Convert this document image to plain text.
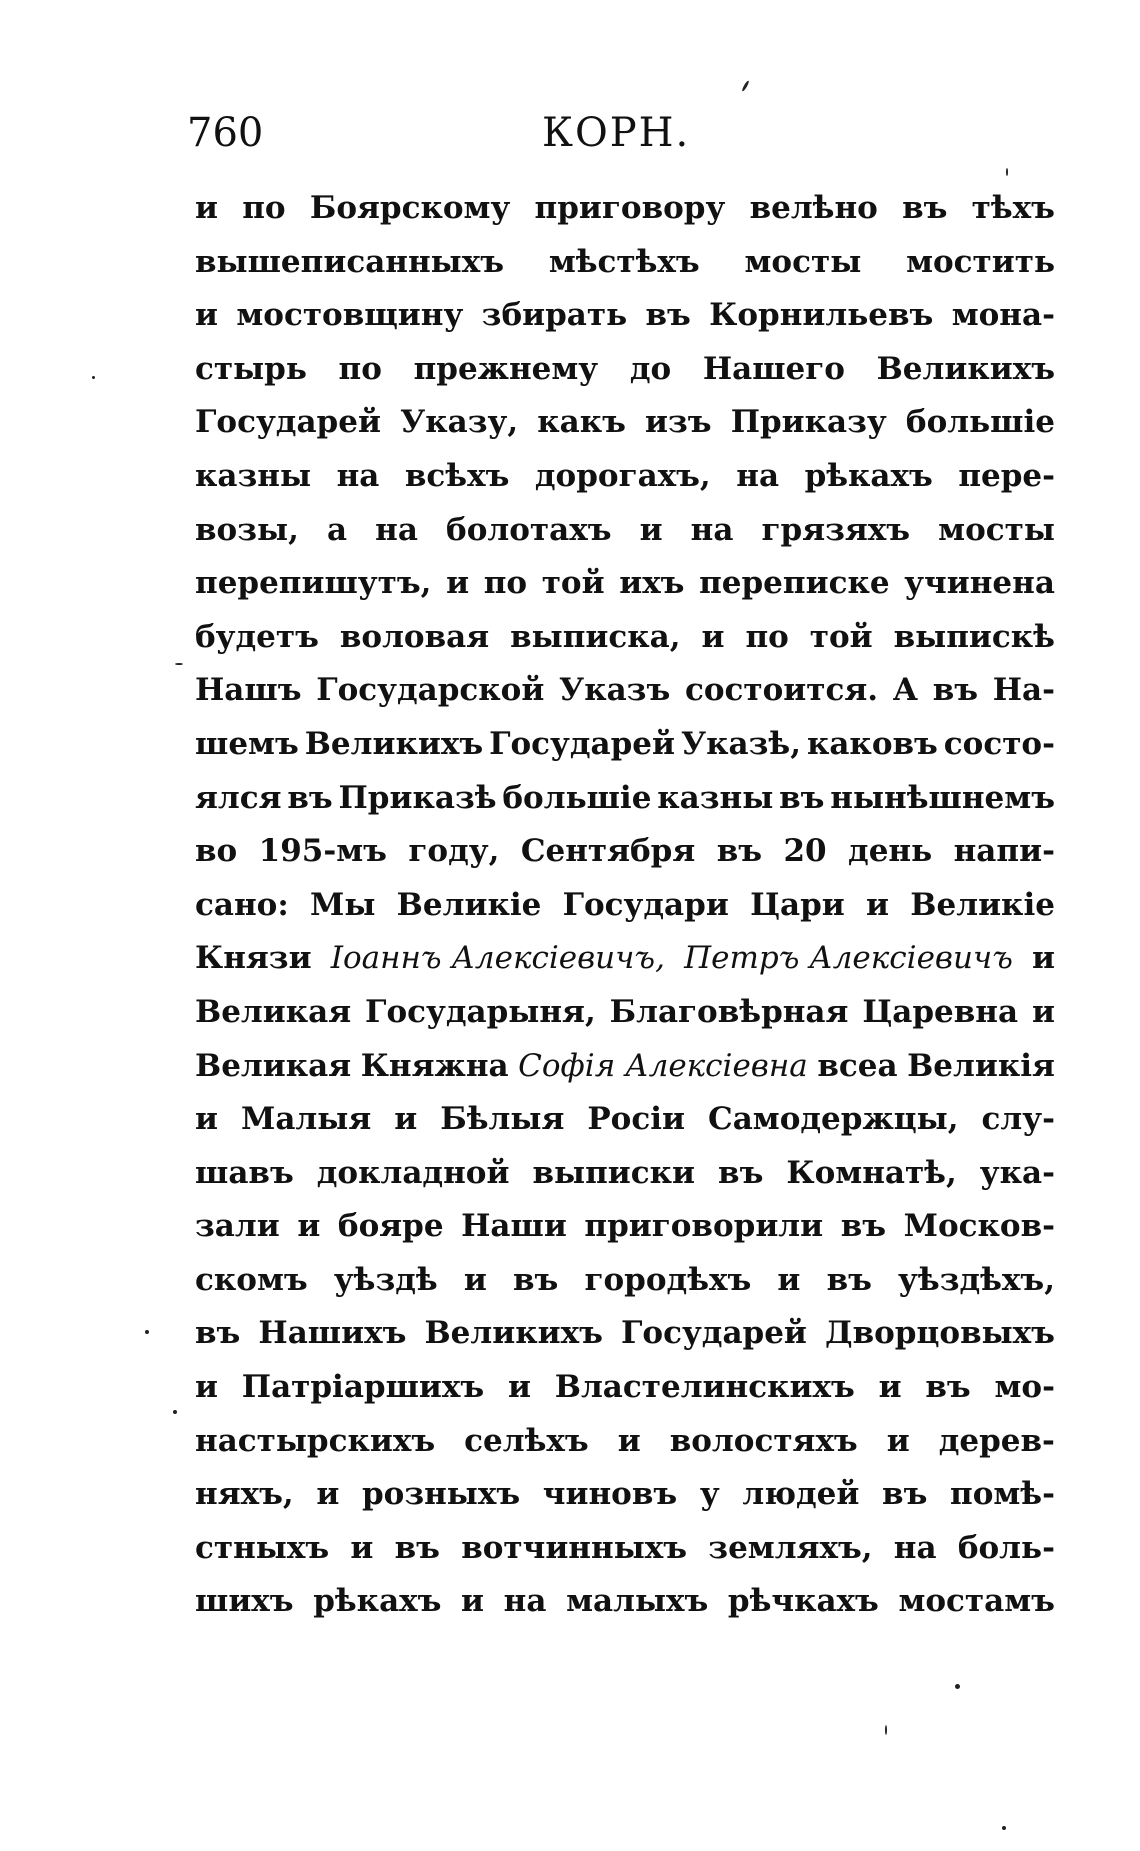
760	КОРН.
и по Боярскому приговору велѣно въ тѣхъ
вышеписанныхъ мѣстѣхъ мосты мостить
и мостовщину збирать въ Корнильевъ мона-
стырь по прежнему до Нашего Великихъ
Государей Указу, какъ изъ Приказу большіе
казны на всѣхъ дорогахъ, на рѣкахъ пере-
возы, а на болотахъ и на грязяхъ мосты
перепишутъ, и по той ихъ переписке учинена
будетъ воловая выписка, и по той выпискѣ
Нашъ Государской Указъ состоится. А въ На-
шемъ Великихъ Государей Указѣ, каковъ состо-
ялся въ Приказѣ большіе казны въ нынѣшнемъ
во 195-мъ году, Сентября въ 20 день напи-
сано: Мы Великіе Государи Цари и Великіе
Князи Іоаннъ Алексіевичъ, Петръ Алексіевичъ и
Великая Государыня, Благовѣрная Царевна и
Великая Княжна Софія Алексіевна всеа Великія
и Малыя и Бѣлыя Росіи Самодержцы, слу-
шавъ докладной выписки въ Комнатѣ, ука-
зали и бояре Наши приговорили въ Москов-
скомъ уѣздѣ и въ городѣхъ и въ уѣздѣхъ,
въ Нашихъ Великихъ Государей Дворцовыхъ
и Патріаршихъ и Властелинскихъ и въ мо-
настырскихъ селѣхъ и волостяхъ и дерев-
няхъ, и розныхъ чиновъ у людей въ помѣ-
стныхъ и въ вотчинныхъ земляхъ, на боль-
шихъ рѣкахъ и на малыхъ рѣчкахъ мостамъ
